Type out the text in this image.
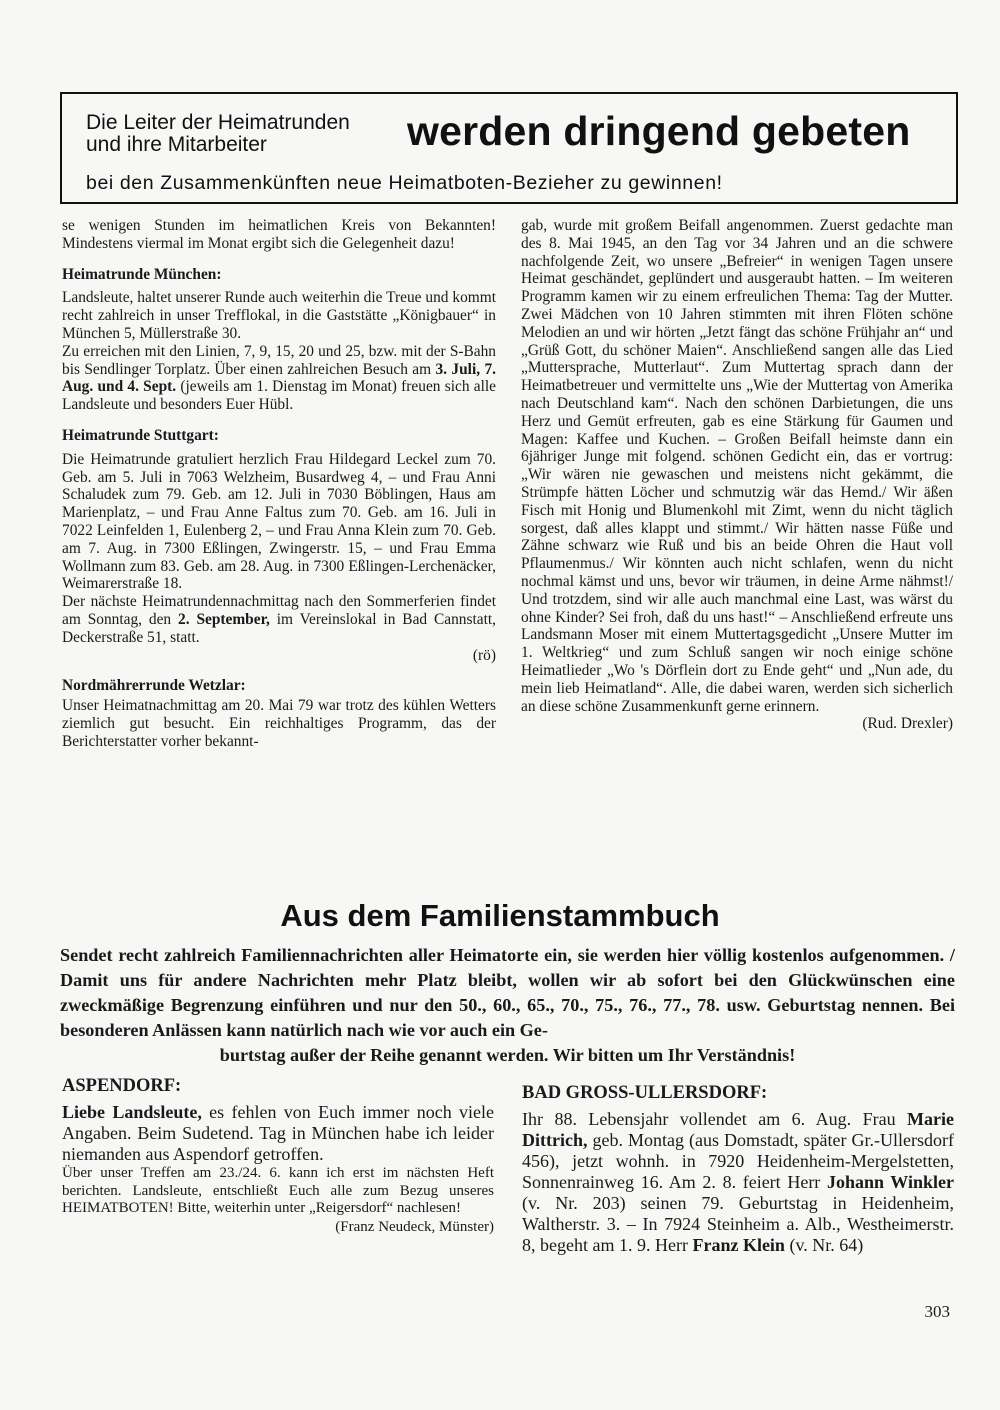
Die Leiter der Heimatrunden
und ihre Mitarbeiter	werden dringend gebeten
bei den Zusammenkünften neue Heimatboten-Bezieher zu gewinnen!

se wenigen Stunden im heimatlichen Kreis von Bekannten! Mindestens viermal im Monat ergibt sich die Gelegenheit dazu!

Heimatrunde München:

Landsleute, haltet unserer Runde auch weiterhin die Treue und kommt recht zahlreich in unser Trefflokal, in die Gaststätte „Königbauer“ in München 5, Müllerstraße 30.

Zu erreichen mit den Linien, 7, 9, 15, 20 und 25, bzw. mit der S-Bahn bis Sendlinger Torplatz. Über einen zahlreichen Besuch am 3. Juli, 7. Aug. und 4. Sept. (jeweils am 1. Dienstag im Monat) freuen sich alle Landsleute und besonders Euer Hübl.

Heimatrunde Stuttgart:

Die Heimatrunde gratuliert herzlich Frau Hildegard Leckel zum 70. Geb. am 5. Juli in 7063 Welzheim, Busardweg 4, – und Frau Anni Schaludek zum 79. Geb. am 12. Juli in 7030 Böblingen, Haus am Marienplatz, – und Frau Anne Faltus zum 70. Geb. am 16. Juli in 7022 Leinfelden 1, Eulenberg 2, – und Frau Anna Klein zum 70. Geb. am 7. Aug. in 7300 Eßlingen, Zwingerstr. 15, – und Frau Emma Wollmann zum 83. Geb. am 28. Aug. in 7300 Eßlingen-Lerchenäcker, Weimarerstraße 18.

Der nächste Heimatrundennachmittag nach den Sommerferien findet am Sonntag, den 2. September, im Vereinslokal in Bad Cannstatt, Deckerstraße 51, statt.

(rö)

Nordmährerrunde Wetzlar:

Unser Heimatnachmittag am 20. Mai 79 war trotz des kühlen Wetters ziemlich gut besucht. Ein reichhaltiges Programm, das der Berichterstatter vorher bekannt-

gab, wurde mit großem Beifall angenommen. Zuerst gedachte man des 8. Mai 1945, an den Tag vor 34 Jahren und an die schwere nachfolgende Zeit, wo unsere „Befreier“ in wenigen Tagen unsere Heimat geschändet, geplündert und ausgeraubt hatten. – Im weiteren Programm kamen wir zu einem erfreulichen Thema: Tag der Mutter. Zwei Mädchen von 10 Jahren stimmten mit ihren Flöten schöne Melodien an und wir hörten „Jetzt fängt das schöne Frühjahr an“ und „Grüß Gott, du schöner Maien“. Anschließend sangen alle das Lied „Muttersprache, Mutterlaut“. Zum Muttertag sprach dann der Heimatbetreuer und vermittelte uns „Wie der Muttertag von Amerika nach Deutschland kam“. Nach den schönen Darbietungen, die uns Herz und Gemüt erfreuten, gab es eine Stärkung für Gaumen und Magen: Kaffee und Kuchen. – Großen Beifall heimste dann ein 6jähriger Junge mit folgend. schönen Gedicht ein, das er vortrug: „Wir wären nie gewaschen und meistens nicht gekämmt, die Strümpfe hätten Löcher und schmutzig wär das Hemd./ Wir äßen Fisch mit Honig und Blumenkohl mit Zimt, wenn du nicht täglich sorgest, daß alles klappt und stimmt./ Wir hätten nasse Füße und Zähne schwarz wie Ruß und bis an beide Ohren die Haut voll Pflaumenmus./ Wir könnten auch nicht schlafen, wenn du nicht nochmal kämst und uns, bevor wir träumen, in deine Arme nähmst!/ Und trotzdem, sind wir alle auch manchmal eine Last, was wärst du ohne Kinder? Sei froh, daß du uns hast!“ – Anschließend erfreute uns Landsmann Moser mit einem Muttertagsgedicht „Unsere Mutter im 1. Weltkrieg“ und zum Schluß sangen wir noch einige schöne Heimatlieder „Wo 's Dörflein dort zu Ende geht“ und „Nun ade, du mein lieb Heimatland“. Alle, die dabei waren, werden sich sicherlich an diese schöne Zusammenkunft gerne erinnern.

(Rud. Drexler)

Aus dem Familienstammbuch
Sendet recht zahlreich Familiennachrichten aller Heimatorte ein, sie werden hier völlig kostenlos aufgenommen. / Damit uns für andere Nachrichten mehr Platz bleibt, wollen wir ab sofort bei den Glückwünschen eine zweckmäßige Begrenzung einführen und nur den 50., 60., 65., 70., 75., 76., 77., 78. usw. Geburtstag nennen. Bei besonderen Anlässen kann natürlich nach wie vor auch ein Ge-
burtstag außer der Reihe genannt werden. Wir bitten um Ihr Verständnis!
ASPENDORF:

Liebe Landsleute, es fehlen von Euch immer noch viele Angaben. Beim Sudetend. Tag in München habe ich leider niemanden aus Aspendorf getroffen.

Über unser Treffen am 23./24. 6. kann ich erst im nächsten Heft berichten. Landsleute, entschließt Euch alle zum Bezug unseres HEIMATBOTEN! Bitte, weiterhin unter „Reigersdorf“ nachlesen!

(Franz Neudeck, Münster)

BAD GROSS-ULLERSDORF:

Ihr 88. Lebensjahr vollendet am 6. Aug. Frau Marie Dittrich, geb. Montag (aus Domstadt, später Gr.-Ullersdorf 456), jetzt wohnh. in 7920 Heidenheim-Mergelstetten, Sonnenrainweg 16. Am 2. 8. feiert Herr Johann Winkler (v. Nr. 203) seinen 79. Geburtstag in Heidenheim, Waltherstr. 3. – In 7924 Steinheim a. Alb., Westheimerstr. 8, begeht am 1. 9. Herr Franz Klein (v. Nr. 64)

303
